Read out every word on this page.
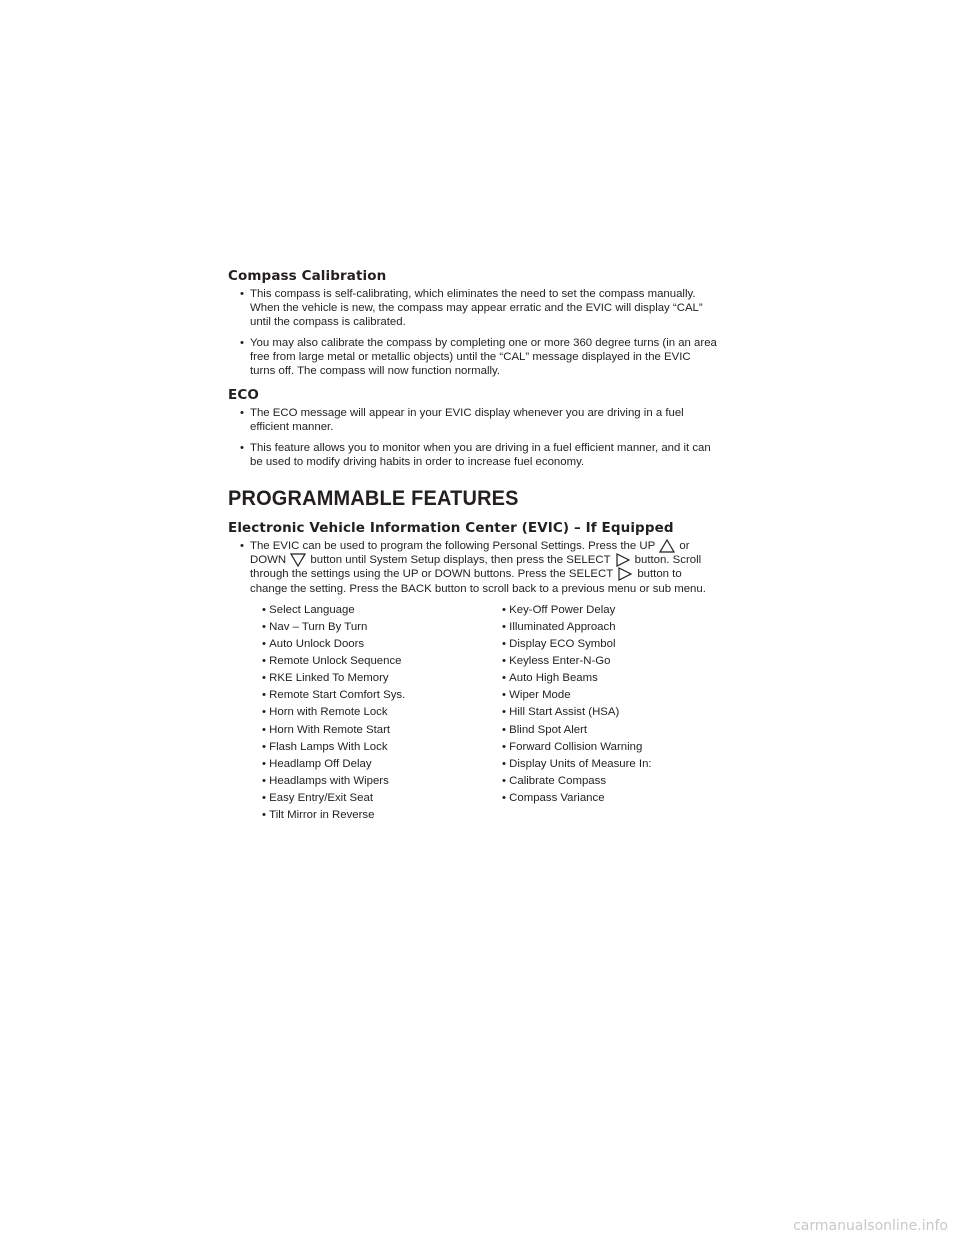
Compass Calibration
• This compass is self-calibrating, which eliminates the need to set the compass manually. When the vehicle is new, the compass may appear erratic and the EVIC will display “CAL” until the compass is calibrated.
• You may also calibrate the compass by completing one or more 360 degree turns (in an area free from large metal or metallic objects) until the “CAL” message displayed in the EVIC turns off. The compass will now function normally.
ECO
• The ECO message will appear in your EVIC display whenever you are driving in a fuel efficient manner.
• This feature allows you to monitor when you are driving in a fuel efficient manner, and it can be used to modify driving habits in order to increase fuel economy.
PROGRAMMABLE FEATURES
Electronic Vehicle Information Center (EVIC) – If Equipped
• The EVIC can be used to program the following Personal Settings. Press the UP or DOWN button until System Setup displays, then press the SELECT button. Scroll through the settings using the UP or DOWN buttons. Press the SELECT button to change the setting. Press the BACK button to scroll back to a previous menu or sub menu.
• Select Language
• Nav – Turn By Turn
• Auto Unlock Doors
• Remote Unlock Sequence
• RKE Linked To Memory
• Remote Start Comfort Sys.
• Horn with Remote Lock
• Horn With Remote Start
• Flash Lamps With Lock
• Headlamp Off Delay
• Headlamps with Wipers
• Easy Entry/Exit Seat
• Tilt Mirror in Reverse
• Key-Off Power Delay
• Illuminated Approach
• Display ECO Symbol
• Keyless Enter-N-Go
• Auto High Beams
• Wiper Mode
• Hill Start Assist (HSA)
• Blind Spot Alert
• Forward Collision Warning
• Display Units of Measure In:
• Calibrate Compass
• Compass Variance
carmanualsonline.info
